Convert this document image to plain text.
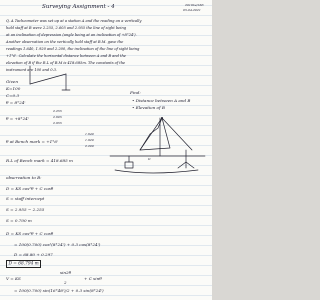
Surveying Assignment - 4	2019be/b63
05-04-2021
Q. A Tacheometer was set up at a station A and the reading on a vertically
held staff at B were 2.255, 2.605 and 2.955 the line of sight being
at an inclination of depression (angle being at an inclination of +8°24').
Another observation on the vertically held staff at B.M. gave the
readings 1.640, 1.920 and 2.200, the inclination of the line of sight being
+1°6'. Calculate the horizontal distance between A and B and the
elevation of B if the R.L of B.M is 418.685m. The constants of the
instrument are 100 and 0.3.
Given
K=100
C=0.3
θ = 8°24'
Find:
• Distance between A and B
• Elevation of B
θ = +8°24'
2.255
2.605
2.955
θ at Bench mark = +1°6'
1.640
1.920
2.200
R.L of Bench mark = 418.685 m
observation to B:
D = KS cos²θ + C cosθ
S = staff intercept
S = 2.955 − 2.255
S = 0.700 m
D = KS cos²θ + C cosθ
= 100(0.700) cos²(8°24') + 0.3 cos(8°24')
D = 68.80 + 0.297
D = 68.794 m
V = KS
sin2θ
2
+ C sinθ
= 100(0.700) sin(16°48')/2 + 0.3 sin(8°24')
D
